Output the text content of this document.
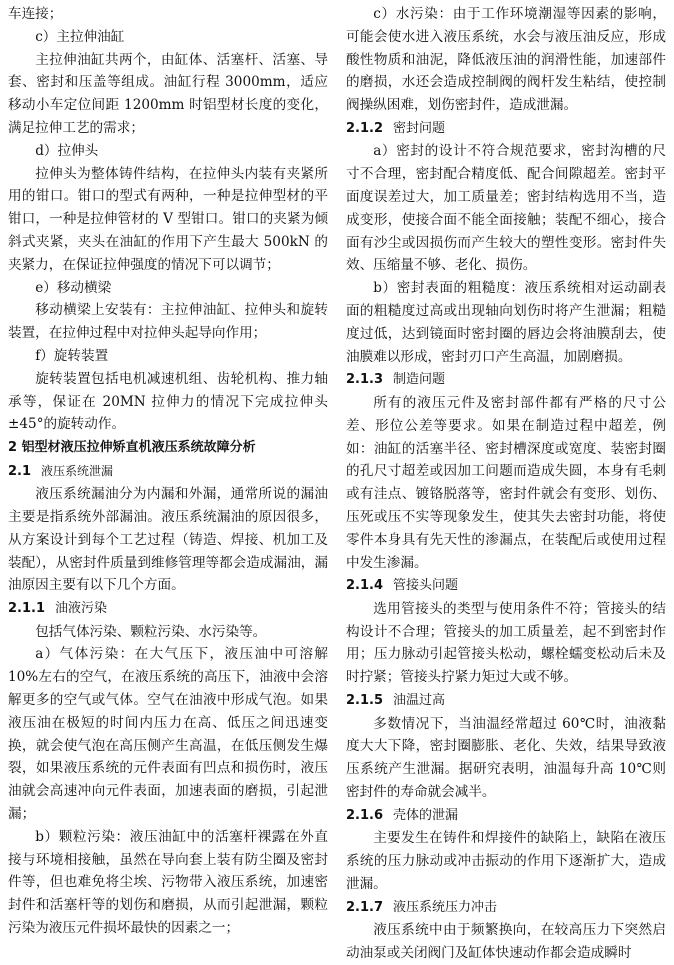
车连接；

c）主拉伸油缸

主拉伸油缸共两个，由缸体、活塞杆、活塞、导套、密封和压盖等组成。油缸行程 3000mm，适应移动小车定位间距 1200mm 时铝型材长度的变化，满足拉伸工艺的需求；

d）拉伸头

拉伸头为整体铸件结构，在拉伸头内装有夹紧所用的钳口。钳口的型式有两种，一种是拉伸型材的平钳口，一种是拉伸管材的 V 型钳口。钳口的夹紧为倾斜式夹紧，夹头在油缸的作用下产生最大 500kN 的夹紧力，在保证拉伸强度的情况下可以调节；

e）移动横梁

移动横梁上安装有：主拉伸油缸、拉伸头和旋转装置，在拉伸过程中对拉伸头起导向作用；

f）旋转装置

旋转装置包括电机减速机组、齿轮机构、推力轴承等，保证在 20MN 拉伸力的情况下完成拉伸头±45°的旋转动作。

2 铝型材液压拉伸矫直机液压系统故障分析

2.1 液压系统泄漏

液压系统漏油分为内漏和外漏，通常所说的漏油主要是指系统外部漏油。液压系统漏油的原因很多，从方案设计到每个工艺过程（铸造、焊接、机加工及装配），从密封件质量到维修管理等都会造成漏油，漏油原因主要有以下几个方面。

2.1.1 油液污染

包括气体污染、颗粒污染、水污染等。

a）气体污染：在大气压下，液压油中可溶解 10%左右的空气，在液压系统的高压下，油液中会溶解更多的空气或气体。空气在油液中形成气泡。如果液压油在极短的时间内压力在高、低压之间迅速变换，就会使气泡在高压侧产生高温，在低压侧发生爆裂，如果液压系统的元件表面有凹点和损伤时，液压油就会高速冲向元件表面，加速表面的磨损，引起泄漏；

b）颗粒污染：液压油缸中的活塞杆裸露在外直接与环境相接触，虽然在导向套上装有防尘圈及密封件等，但也难免将尘埃、污物带入液压系统，加速密封件和活塞杆等的划伤和磨损，从而引起泄漏，颗粒污染为液压元件损坏最快的因素之一；

c）水污染：由于工作环境潮湿等因素的影响，可能会使水进入液压系统，水会与液压油反应，形成酸性物质和油泥，降低液压油的润滑性能，加速部件的磨损，水还会造成控制阀的阀杆发生粘结，使控制阀操纵困难，划伤密封件，造成泄漏。

2.1.2 密封问题

a）密封的设计不符合规范要求，密封沟槽的尺寸不合理，密封配合精度低、配合间隙超差。密封平面度误差过大，加工质量差；密封结构选用不当，造成变形，使接合面不能全面接触；装配不细心，接合面有沙尘或因损伤而产生较大的塑性变形。密封件失效、压缩量不够、老化、损伤。

b）密封表面的粗糙度：液压系统相对运动副表面的粗糙度过高或出现轴向划伤时将产生泄漏；粗糙度过低，达到镜面时密封圈的唇边会将油膜刮去，使油膜难以形成，密封刃口产生高温，加剧磨损。

2.1.3 制造问题

所有的液压元件及密封部件都有严格的尺寸公差、形位公差等要求。如果在制造过程中超差，例如：油缸的活塞半径、密封槽深度或宽度、装密封圈的孔尺寸超差或因加工问题而造成失圆，本身有毛刺或有洼点、镀铬脱落等，密封件就会有变形、划伤、压死或压不实等现象发生，使其失去密封功能，将使零件本身具有先天性的渗漏点，在装配后或使用过程中发生渗漏。

2.1.4 管接头问题

选用管接头的类型与使用条件不符；管接头的结构设计不合理；管接头的加工质量差，起不到密封作用；压力脉动引起管接头松动，螺栓蠕变松动后未及时拧紧；管接头拧紧力矩过大或不够。

2.1.5 油温过高

多数情况下，当油温经常超过 60℃时，油液黏度大大下降，密封圈膨胀、老化、失效，结果导致液压系统产生泄漏。据研究表明，油温每升高 10℃则密封件的寿命就会减半。

2.1.6 壳体的泄漏

主要发生在铸件和焊接件的缺陷上，缺陷在液压系统的压力脉动或冲击振动的作用下逐渐扩大，造成泄漏。

2.1.7 液压系统压力冲击

液压系统中由于频繁换向，在较高压力下突然启动油泵或关闭阀门及缸体快速动作都会造成瞬时
